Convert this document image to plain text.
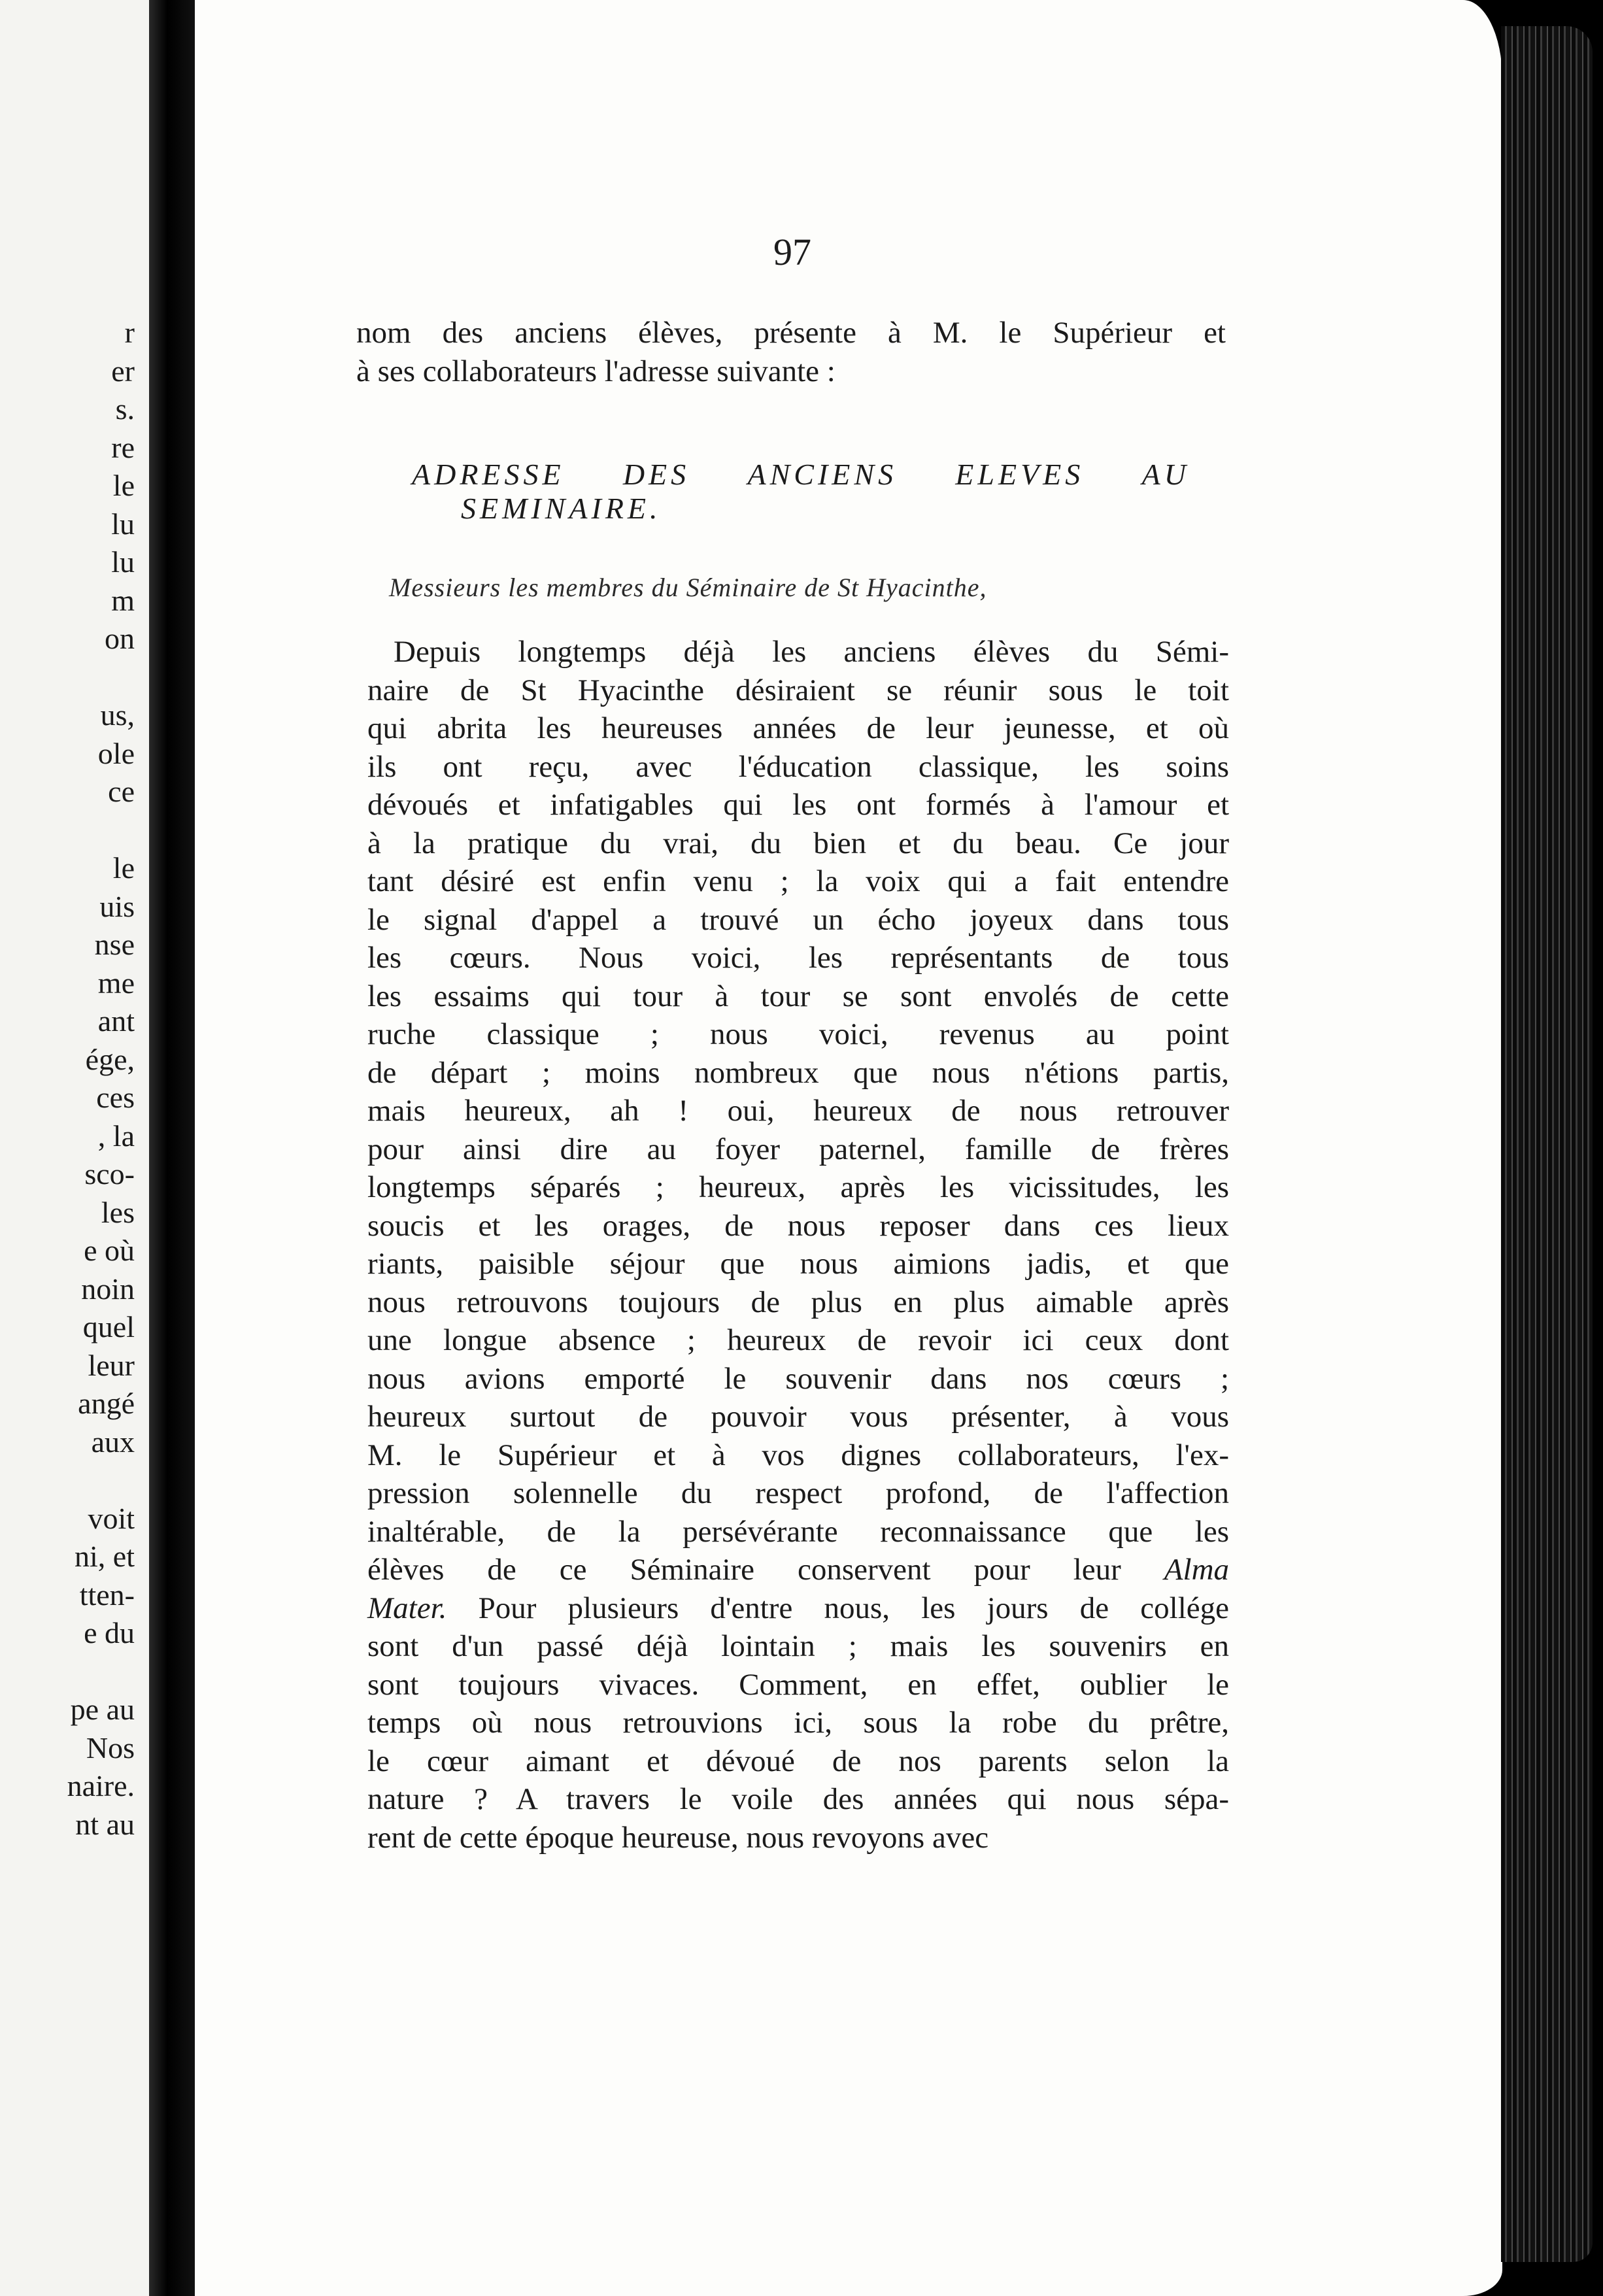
r
er
s.
re
le
lu
lu
m
on
us,
ole
ce
le
uis
nse
me
ant
ége,
ces
, la
sco-
les
e où
noin
quel
leur
angé
aux
voit
ni, et
tten-
e du
pe au
Nos
naire.
nt au
97
nom des anciens élèves, présente à M. le Supérieur et
à ses collaborateurs l'adresse suivante :
ADRESSE DES ANCIENS ELEVES AU
SEMINAIRE.
Messieurs les membres du Séminaire de St Hyacinthe,
Depuis longtemps déjà les anciens élèves du Sémi-
naire de St Hyacinthe désiraient se réunir sous le toit
qui abrita les heureuses années de leur jeunesse, et où
ils ont reçu, avec l'éducation classique, les soins
dévoués et infatigables qui les ont formés à l'amour et
à la pratique du vrai, du bien et du beau. Ce jour
tant désiré est enfin venu ; la voix qui a fait entendre
le signal d'appel a trouvé un écho joyeux dans tous
les cœurs. Nous voici, les représentants de tous
les essaims qui tour à tour se sont envolés de cette
ruche classique ; nous voici, revenus au point
de départ ; moins nombreux que nous n'étions partis,
mais heureux, ah ! oui, heureux de nous retrouver
pour ainsi dire au foyer paternel, famille de frères
longtemps séparés ; heureux, après les vicissitudes, les
soucis et les orages, de nous reposer dans ces lieux
riants, paisible séjour que nous aimions jadis, et que
nous retrouvons toujours de plus en plus aimable après
une longue absence ; heureux de revoir ici ceux dont
nous avions emporté le souvenir dans nos cœurs ;
heureux surtout de pouvoir vous présenter, à vous
M. le Supérieur et à vos dignes collaborateurs, l'ex-
pression solennelle du respect profond, de l'affection
inaltérable, de la persévérante reconnaissance que les
élèves de ce Séminaire conservent pour leur Alma
Mater. Pour plusieurs d'entre nous, les jours de collége
sont d'un passé déjà lointain ; mais les souvenirs en
sont toujours vivaces. Comment, en effet, oublier le
temps où nous retrouvions ici, sous la robe du prêtre,
le cœur aimant et dévoué de nos parents selon la
nature ? A travers le voile des années qui nous sépa-
rent de cette époque heureuse, nous revoyons avec
